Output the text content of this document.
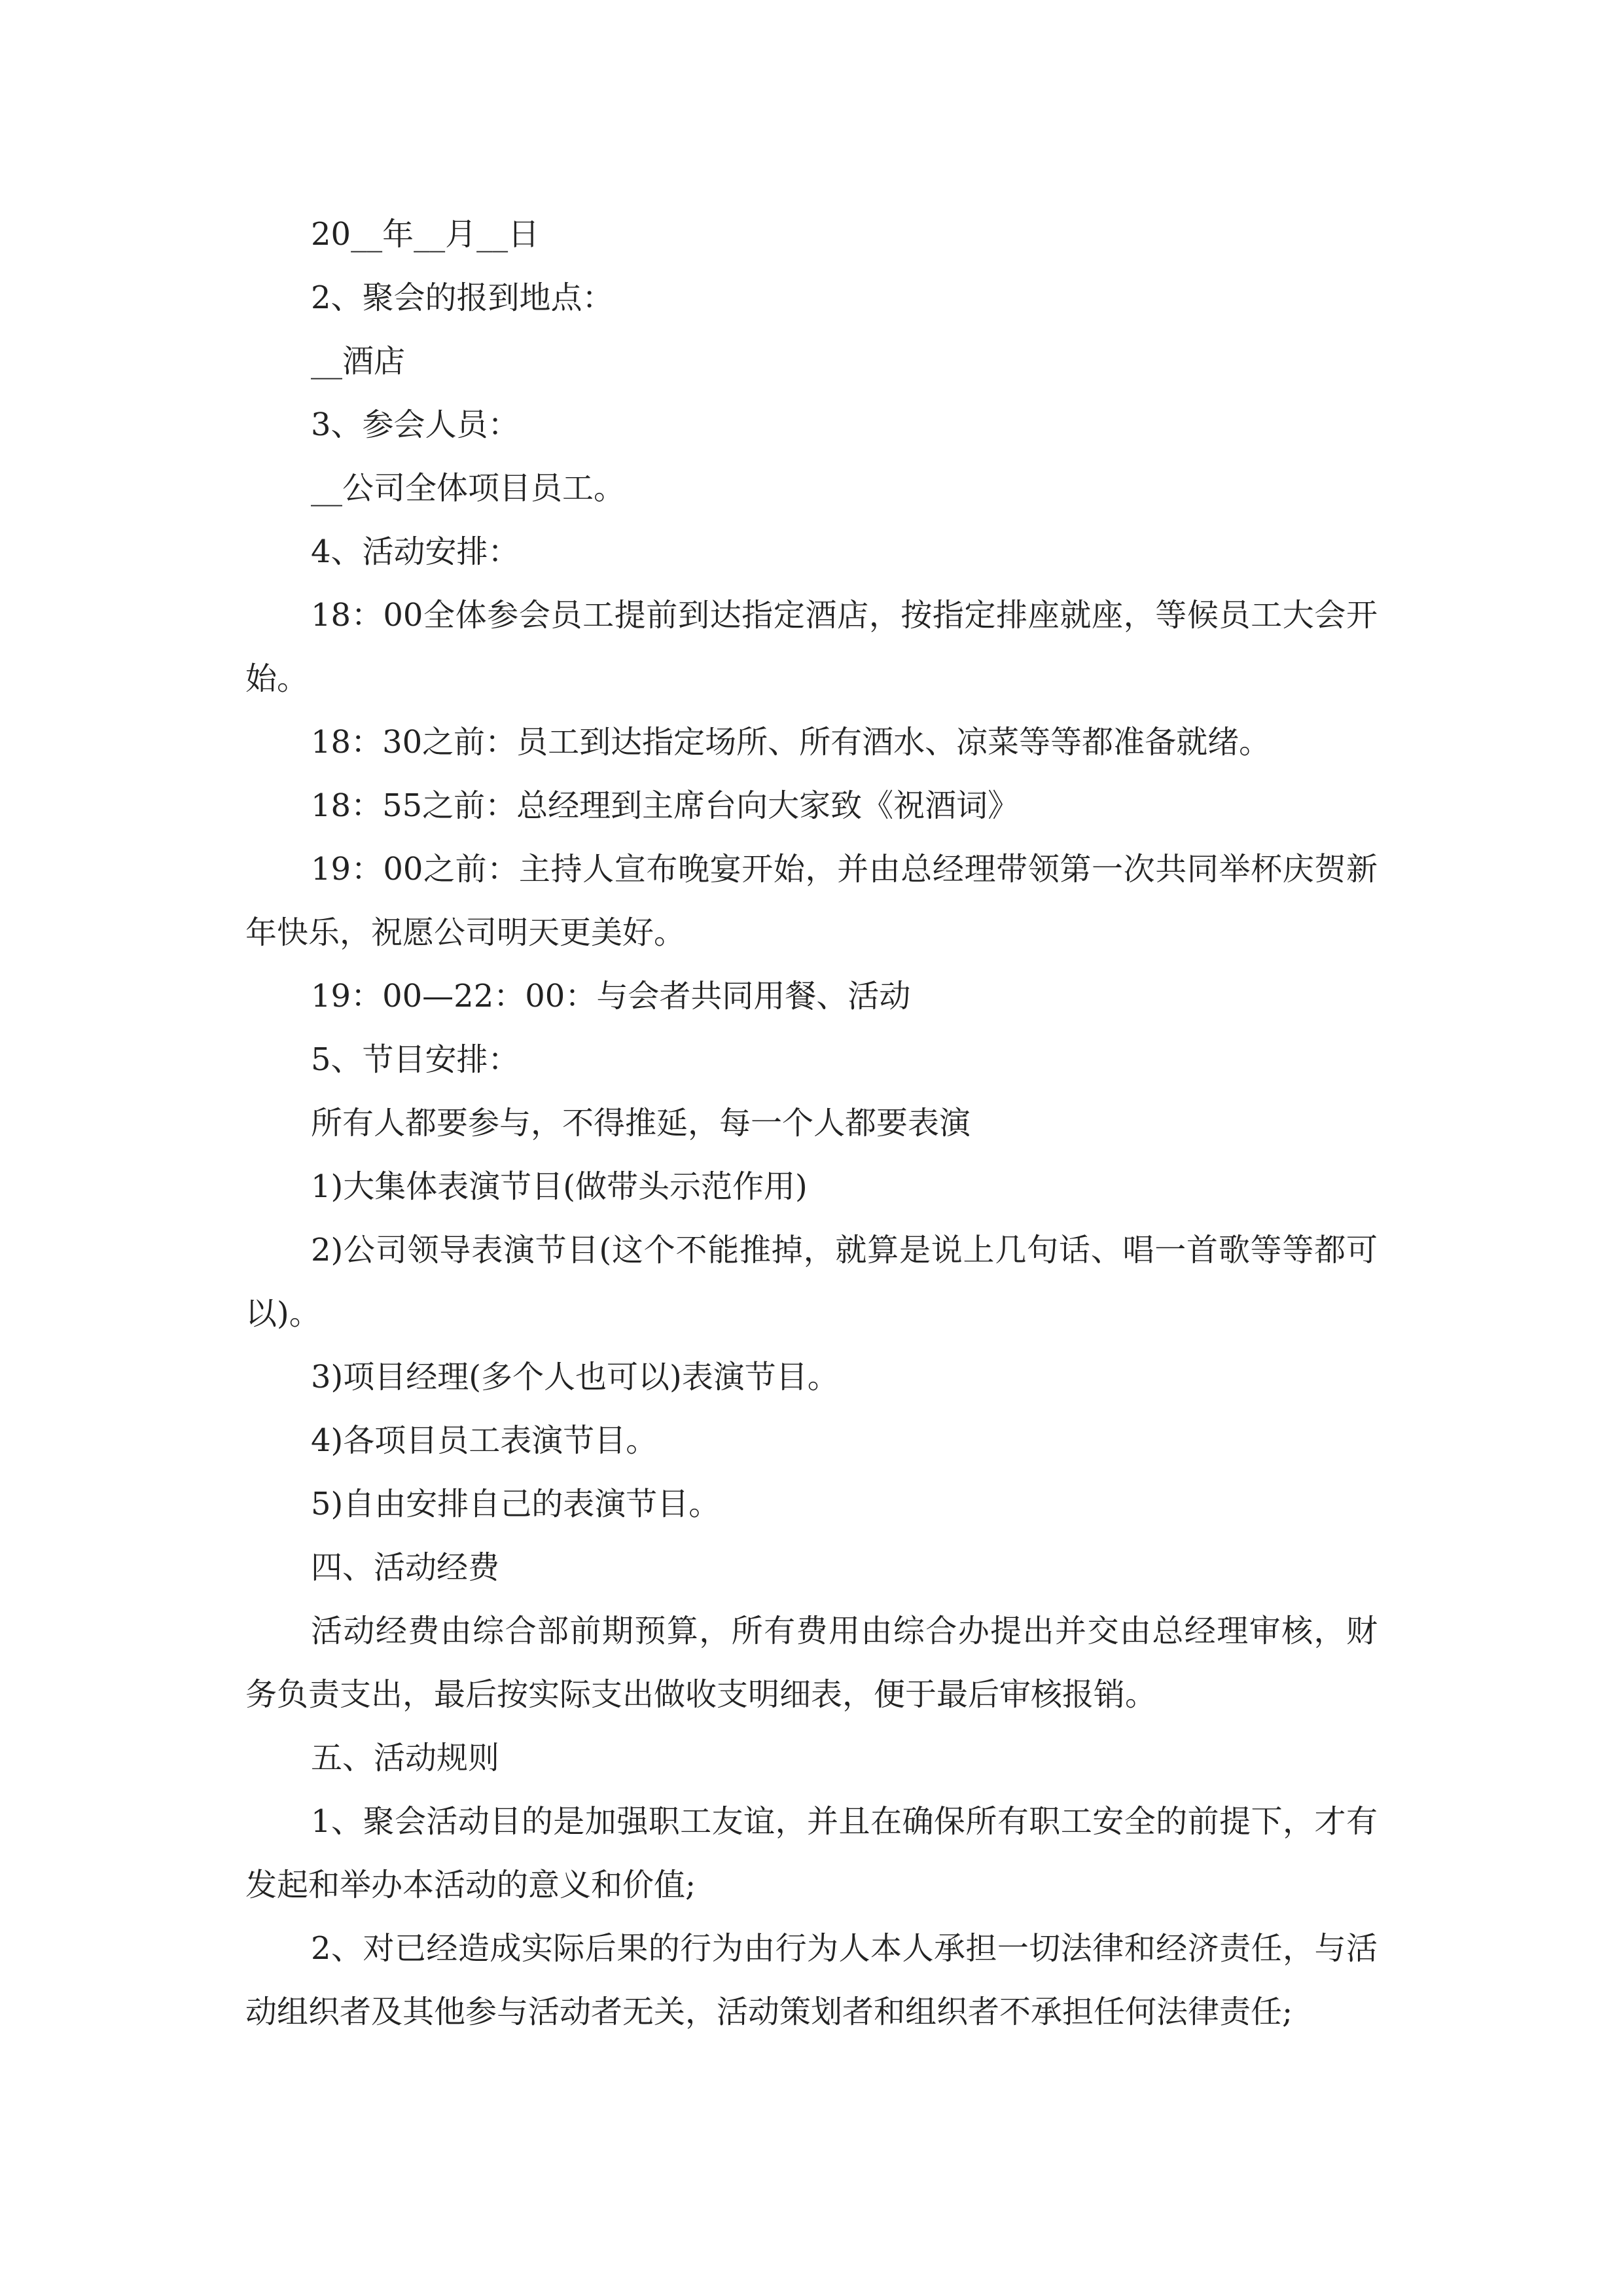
20__年__月__日

2、聚会的报到地点：

__酒店

3、参会人员：

__公司全体项目员工。

4、活动安排：

18：00全体参会员工提前到达指定酒店，按指定排座就座，等候员工大会开始。

18：30之前：员工到达指定场所、所有酒水、凉菜等等都准备就绪。

18：55之前：总经理到主席台向大家致《祝酒词》

19：00之前：主持人宣布晚宴开始，并由总经理带领第一次共同举杯庆贺新年快乐，祝愿公司明天更美好。

19：00—22：00：与会者共同用餐、活动

5、节目安排：

所有人都要参与，不得推延，每一个人都要表演

1)大集体表演节目(做带头示范作用)

2)公司领导表演节目(这个不能推掉，就算是说上几句话、唱一首歌等等都可以)。

3)项目经理(多个人也可以)表演节目。

4)各项目员工表演节目。

5)自由安排自己的表演节目。

四、活动经费

活动经费由综合部前期预算，所有费用由综合办提出并交由总经理审核，财务负责支出，最后按实际支出做收支明细表，便于最后审核报销。

五、活动规则

1、聚会活动目的是加强职工友谊，并且在确保所有职工安全的前提下，才有发起和举办本活动的意义和价值;

2、对已经造成实际后果的行为由行为人本人承担一切法律和经济责任，与活动组织者及其他参与活动者无关，活动策划者和组织者不承担任何法律责任;
